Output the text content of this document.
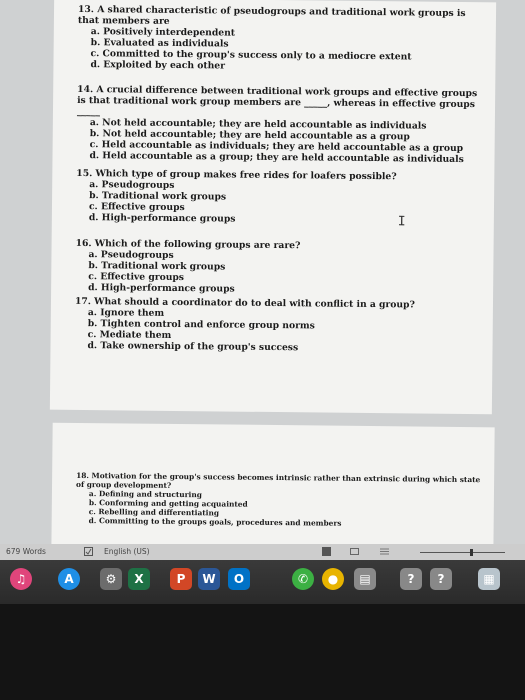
13. A shared characteristic of pseudogroups and traditional work groups is that members are
a. Positively interdependent
b. Evaluated as individuals
c. Committed to the group's success only to a mediocre extent
d. Exploited by each other
14. A crucial difference between traditional work groups and effective groups is that traditional work group members are _____, whereas in effective groups _____
a. Not held accountable; they are held accountable as individuals
b. Not held accountable; they are held accountable as a group
c. Held accountable as individuals; they are held accountable as a group
d. Held accountable as a group; they are held accountable as individuals
15. Which type of group makes free rides for loafers possible?
a. Pseudogroups
b. Traditional work groups
c. Effective groups
d. High-performance groups	I
16. Which of the following groups are rare?
a. Pseudogroups
b. Traditional work groups
c. Effective groups
d. High-performance groups
17. What should a coordinator do to deal with conflict in a group?
a. Ignore them
b. Tighten control and enforce group norms
c. Mediate them
d. Take ownership of the group's success
18. Motivation for the group's success becomes intrinsic rather than extrinsic during which state of group development?
a. Defining and structuring
b. Conforming and getting acquainted
c. Rebelling and differentiating
d. Committing to the groups goals, procedures and members
679 Words	English (US)
♫	A	⚙	X	P	W	O	✆	●	▤	?	?	▦
